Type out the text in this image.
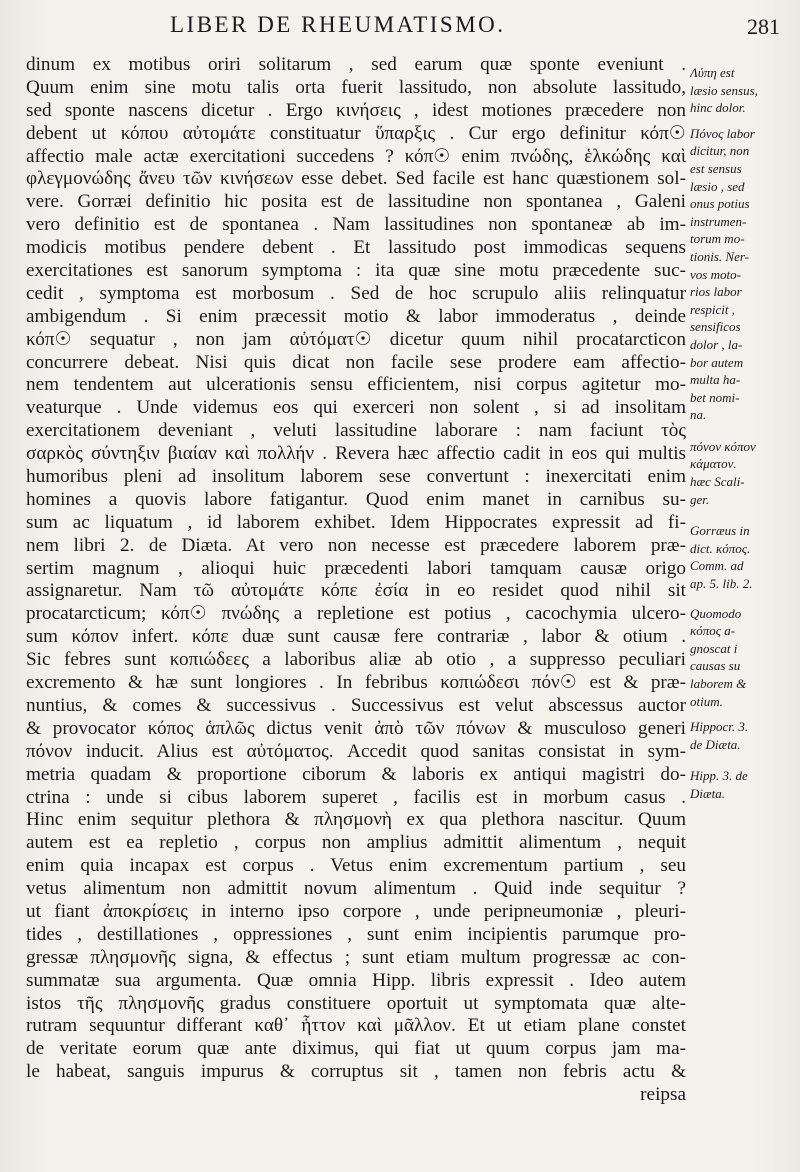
LIBER DE RHEUMATISMO.	281
dinum ex motibus oriri solitarum , sed earum quæ sponte eveniunt .
Quum enim sine motu talis orta fuerit lassitudo, non absolute lassitudo,
sed sponte nascens dicetur . Ergo κινήσεις , idest motiones præcedere non
debent ut κόπου αὐτομάτε constituatur ὕπαρξις . Cur ergo definitur κόπ☉
affectio male actæ exercitationi succedens ? κόπ☉ enim πνώδης, ἑλκώδης καὶ
φλεγμονώδης ἄνευ τῶν κινήσεων esse debet. Sed facile est hanc quæstionem sol-
vere. Gorræi definitio hic posita est de lassitudine non spontanea , Galeni
vero definitio est de spontanea . Nam lassitudines non spontaneæ ab im-
modicis motibus pendere debent . Et lassitudo post immodicas sequens
exercitationes est sanorum symptoma : ita quæ sine motu præcedente suc-
cedit , symptoma est morbosum . Sed de hoc scrupulo aliis relinquatur
ambigendum . Si enim præcessit motio & labor immoderatus , deinde
κόπ☉ sequatur , non jam αὐτόματ☉ dicetur quum nihil procatarcticon
concurrere debeat. Nisi quis dicat non facile sese prodere eam affectio-
nem tendentem aut ulcerationis sensu efficientem, nisi corpus agitetur mo-
veaturque . Unde videmus eos qui exerceri non solent , si ad insolitam
exercitationem deveniant , veluti lassitudine laborare : nam faciunt τὸς
σαρκὸς σύντηξιν βιαίαν καὶ πολλήν . Revera hæc affectio cadit in eos qui multis
humoribus pleni ad insolitum laborem sese convertunt : inexercitati enim
homines a quovis labore fatigantur. Quod enim manet in carnibus su-
sum ac liquatum , id laborem exhibet. Idem Hippocrates expressit ad fi-
nem libri 2. de Diæta. At vero non necesse est præcedere laborem præ-
sertim magnum , alioqui huic præcedenti labori tamquam causæ origo
assignaretur. Nam τῶ αὐτομάτε κόπε ἐσία in eo residet quod nihil sit
procatarcticum; κόπ☉ πνώδης a repletione est potius , cacochymia ulcero-
sum κόπον infert. κόπε duæ sunt causæ fere contrariæ , labor & otium .
Sic febres sunt κοπιώδεες a laboribus aliæ ab otio , a suppresso peculiari
excremento & hæ sunt longiores . In febribus κοπιώδεσι πόν☉ est & præ-
nuntius, & comes & successivus . Successivus est velut abscessus auctor
& provocator κόπος ἁπλῶς dictus venit ἀπὸ τῶν πόνων & musculoso generi
πόνον inducit. Alius est αὐτόματος. Accedit quod sanitas consistat in sym-
metria quadam & proportione ciborum & laboris ex antiqui magistri do-
ctrina : unde si cibus laborem superet , facilis est in morbum casus .
Hinc enim sequitur plethora & πλησμονὴ ex qua plethora nascitur. Quum
autem est ea repletio , corpus non amplius admittit alimentum , nequit
enim quia incapax est corpus . Vetus enim excrementum partium , seu
vetus alimentum non admittit novum alimentum . Quid inde sequitur ?
ut fiant ἀποκρίσεις in interno ipso corpore , unde peripneumoniæ , pleuri-
tides , destillationes , oppressiones , sunt enim incipientis parumque pro-
gressæ πλησμονῆς signa, & effectus ; sunt etiam multum progressæ ac con-
summatæ sua argumenta. Quæ omnia Hipp. libris expressit . Ideo autem
istos τῆς πλησμονῆς gradus constituere oportuit ut symptomata quæ alte-
rutram sequuntur differant καθ᾽ ἧττον καὶ μᾶλλον. Et ut etiam plane constet
de veritate eorum quæ ante diximus, qui fiat ut quum corpus jam ma-
le habeat, sanguis impurus & corruptus sit , tamen non febris actu &
reipsa
Λύπη est
læsio sensus,
hinc dolor.
Πόνος labor
dicitur, non
est sensus
læsio , sed
onus potius
instrumen-
torum mo-
tionis. Ner-
vos moto-
rios labor
respicit ,
sensificos
dolor , la-
bor autem
multa ha-
bet nomi-
na.
πόνον κόπον
κάματον.
hæc Scali-
ger.
Gorræus in
dict. κόπος.
Comm. ad
ap. 5. lib. 2.
Quomodo
κόπος a-
gnoscat i
causas su
laborem &
otium.
Hippocr. 3.
de Diæta.
Hipp. 3. de
Diæta.
